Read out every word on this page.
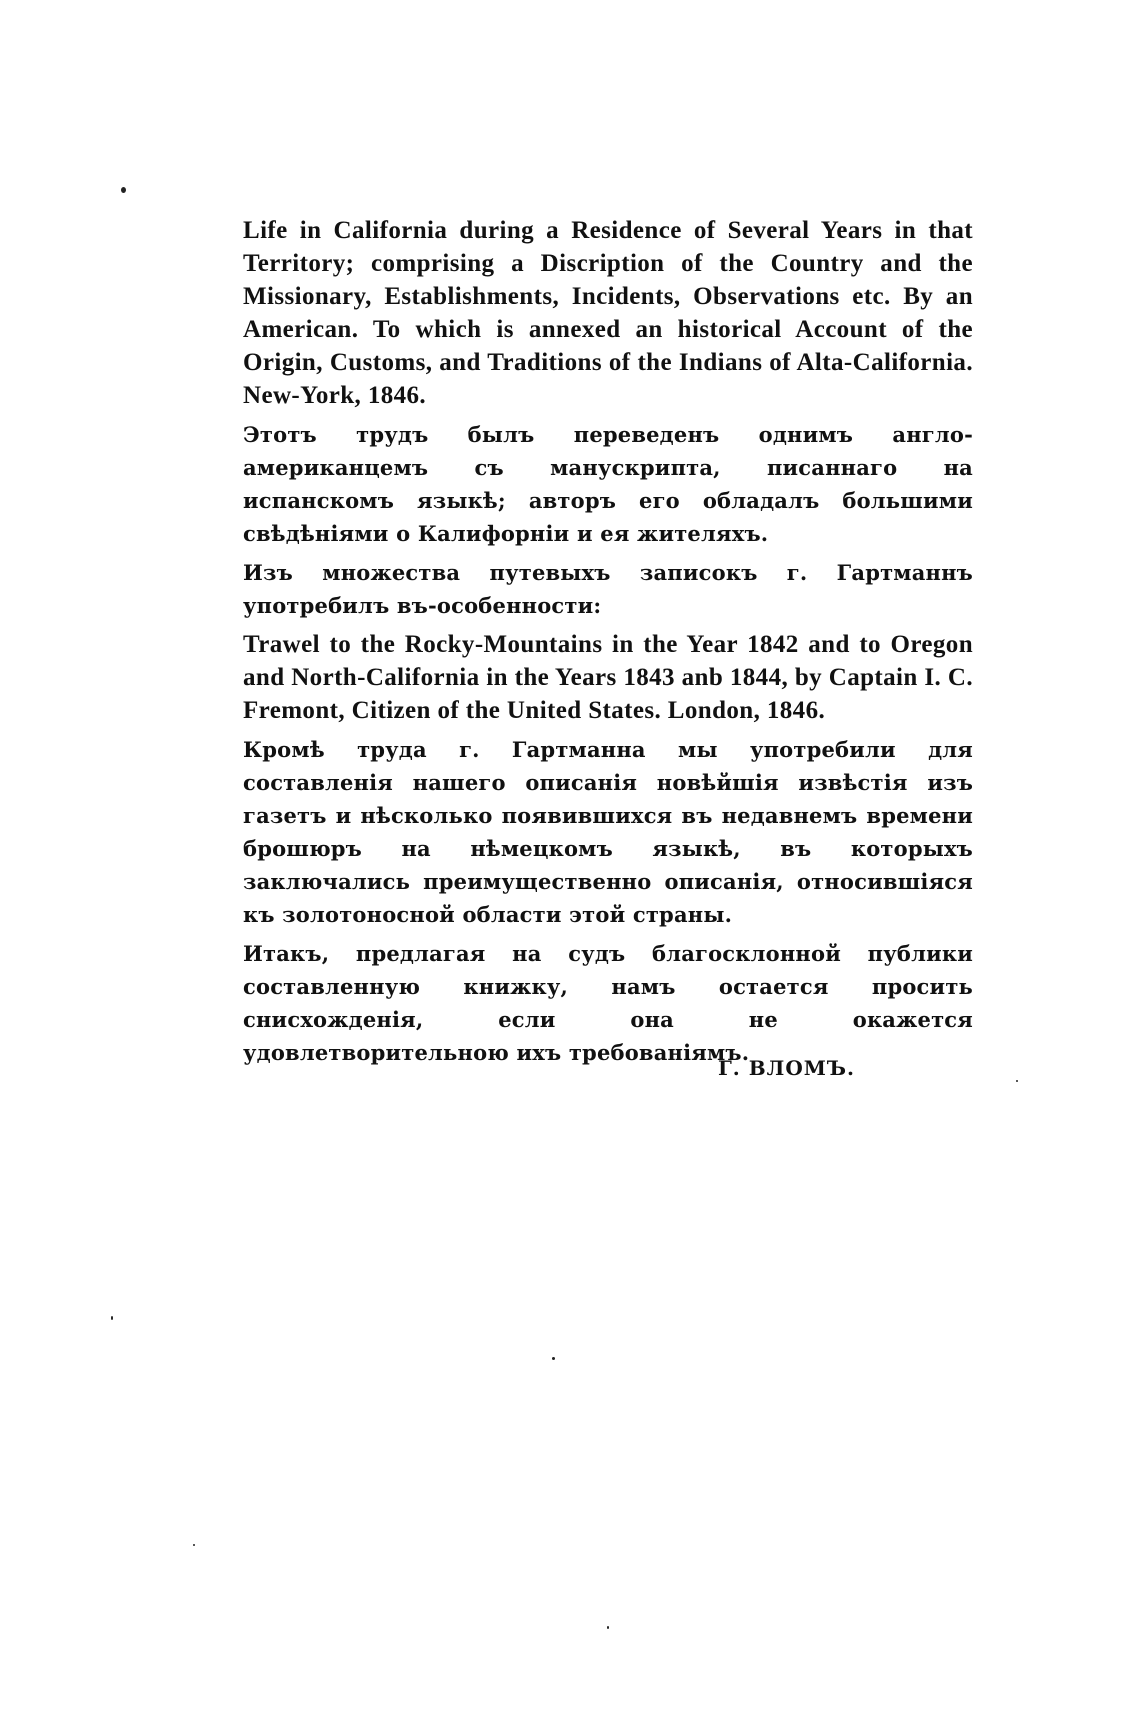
Life in California during a Residence of Several Years in that Territory; comprising a Discription of the Country and the Missionary, Establishments, Incidents, Observations etc. By an American. To which is annexed an historical Account of the Origin, Customs, and Traditions of the Indians of Alta-California. New-York, 1846.

Этотъ трудъ былъ переведенъ однимъ англо-американцемъ съ манускрипта, писаннаго на испанскомъ языкѣ; авторъ его обладалъ большими свѣдѣніями о Калифорніи и ея жителяхъ.

Изъ множества путевыхъ записокъ г. Гартманнъ употребилъ въ-особенности:

Trawel to the Rocky-Mountains in the Year 1842 and to Oregon and North-California in the Years 1843 anb 1844, by Captain I. C. Fremont, Citizen of the United States. London, 1846.

Кромѣ труда г. Гартманна мы употребили для составленія нашего описанія новѣйшія извѣстія изъ газетъ и нѣсколько появившихся въ недавнемъ времени брошюръ на нѣмецкомъ языкѣ, въ которыхъ заключались преимущественно описанія, относившіяся къ золотоносной области этой страны.

Итакъ, предлагая на судъ благосклонной публики составленную книжку, намъ остается просить снисхожденія, если она не окажется удовлетворительною ихъ требованіямъ.

Г. ВЛОМЪ.
